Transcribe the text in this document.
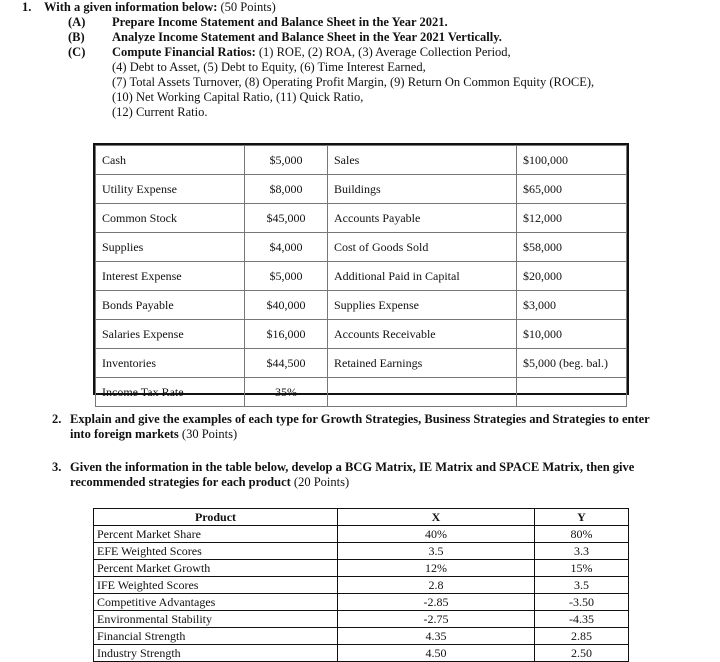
1. With a given information below: (50 Points)
(A) Prepare Income Statement and Balance Sheet in the Year 2021.
(B) Analyze Income Statement and Balance Sheet in the Year 2021 Vertically.
(C) Compute Financial Ratios: (1) ROE, (2) ROA, (3) Average Collection Period,
(4) Debt to Asset, (5) Debt to Equity, (6) Time Interest Earned,
(7) Total Assets Turnover, (8) Operating Profit Margin, (9) Return On Common Equity (ROCE),
(10) Net Working Capital Ratio, (11) Quick Ratio,
(12) Current Ratio.
Cash	$5,000	Sales	$100,000
Utility Expense	$8,000	Buildings	$65,000
Common Stock	$45,000	Accounts Payable	$12,000
Supplies	$4,000	Cost of Goods Sold	$58,000
Interest Expense	$5,000	Additional Paid in Capital	$20,000
Bonds Payable	$40,000	Supplies Expense	$3,000
Salaries Expense	$16,000	Accounts Receivable	$10,000
Inventories	$44,500	Retained Earnings	$5,000 (beg. bal.)
Income Tax Rate	35%		
2. Explain and give the examples of each type for Growth Strategies, Business Strategies and Strategies to enter into foreign markets (30 Points)
3. Given the information in the table below, develop a BCG Matrix, IE Matrix and SPACE Matrix, then give recommended strategies for each product (20 Points)
Product	X	Y
Percent Market Share	40%	80%
EFE Weighted Scores	3.5	3.3
Percent Market Growth	12%	15%
IFE Weighted Scores	2.8	3.5
Competitive Advantages	-2.85	-3.50
Environmental Stability	-2.75	-4.35
Financial Strength	4.35	2.85
Industry Strength	4.50	2.50
